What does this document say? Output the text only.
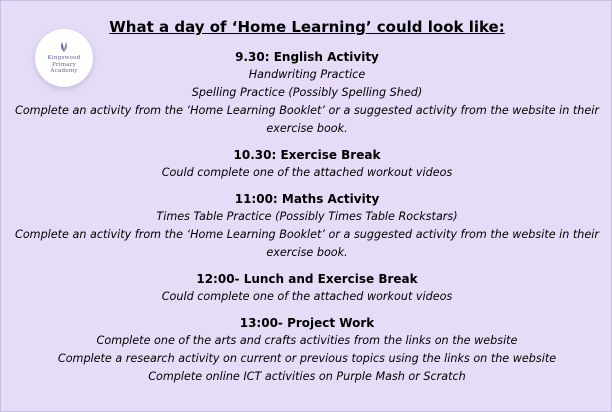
Kingswood
Primary
Academy
What a day of ‘Home Learning’ could look like:
9.30: English Activity
Handwriting Practice
Spelling Practice (Possibly Spelling Shed)
Complete an activity from the ‘Home Learning Booklet’ or a suggested activity from the website in their exercise book.
10.30: Exercise Break
Could complete one of the attached workout videos
11:00: Maths Activity
Times Table Practice (Possibly Times Table Rockstars)
Complete an activity from the ‘Home Learning Booklet’ or a suggested activity from the website in their exercise book.
12:00- Lunch and Exercise Break
Could complete one of the attached workout videos
13:00- Project Work
Complete one of the arts and crafts activities from the links on the website
Complete a research activity on current or previous topics using the links on the website
Complete online ICT activities on Purple Mash or Scratch
